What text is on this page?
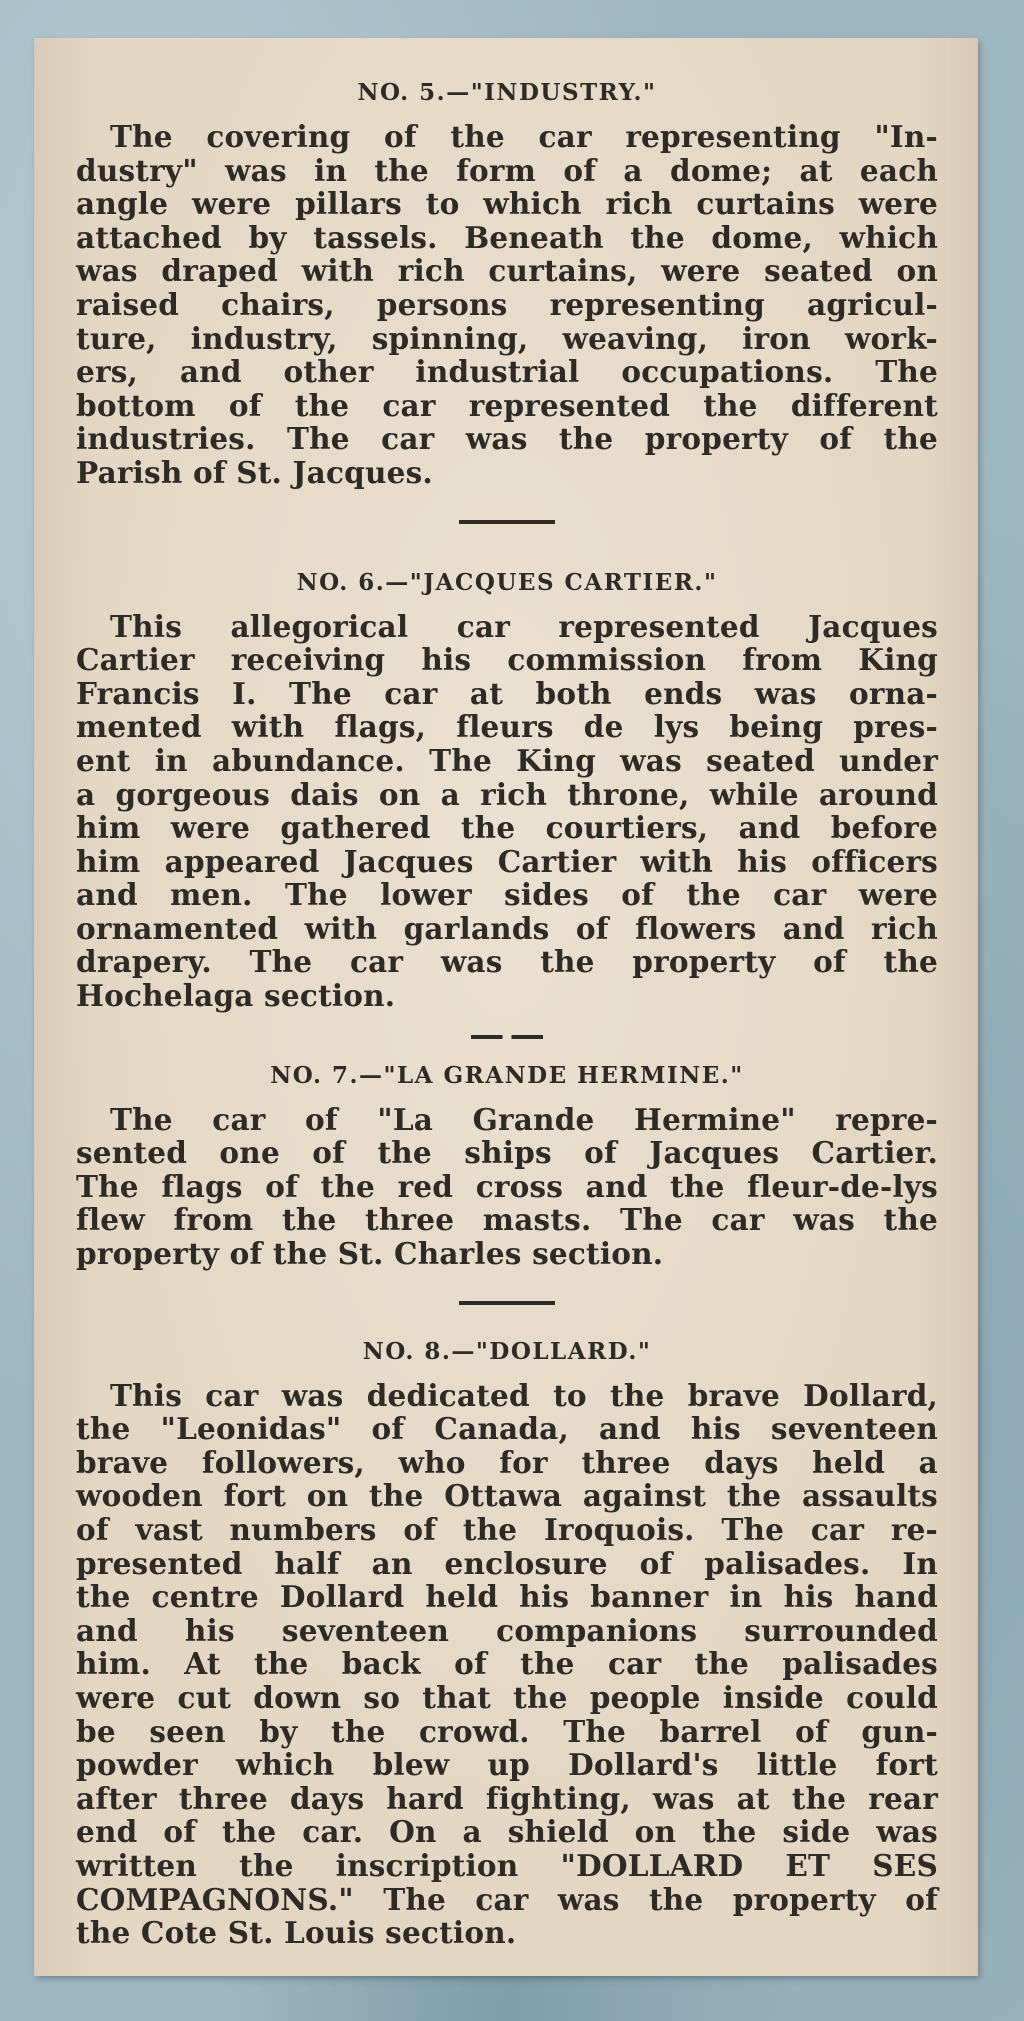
NO. 5.—"INDUSTRY."
The covering of the car representing "In-
dustry" was in the form of a dome; at each
angle were pillars to which rich curtains were
attached by tassels. Beneath the dome, which
was draped with rich curtains, were seated on
raised chairs, persons representing agricul-
ture, industry, spinning, weaving, iron work-
ers, and other industrial occupations. The
bottom of the car represented the different
industries. The car was the property of the
Parish of St. Jacques.
NO. 6.—"JACQUES CARTIER."
This allegorical car represented Jacques
Cartier receiving his commission from King
Francis I. The car at both ends was orna-
mented with flags, fleurs de lys being pres-
ent in abundance. The King was seated under
a gorgeous dais on a rich throne, while around
him were gathered the courtiers, and before
him appeared Jacques Cartier with his officers
and men. The lower sides of the car were
ornamented with garlands of flowers and rich
drapery. The car was the property of the
Hochelaga section.
NO. 7.—"LA GRANDE HERMINE."
The car of "La Grande Hermine" repre-
sented one of the ships of Jacques Cartier.
The flags of the red cross and the fleur-de-lys
flew from the three masts. The car was the
property of the St. Charles section.
NO. 8.—"DOLLARD."
This car was dedicated to the brave Dollard,
the "Leonidas" of Canada, and his seventeen
brave followers, who for three days held a
wooden fort on the Ottawa against the assaults
of vast numbers of the Iroquois. The car re-
presented half an enclosure of palisades. In
the centre Dollard held his banner in his hand
and his seventeen companions surrounded
him. At the back of the car the palisades
were cut down so that the people inside could
be seen by the crowd. The barrel of gun-
powder which blew up Dollard's little fort
after three days hard fighting, was at the rear
end of the car. On a shield on the side was
written the inscription "DOLLARD ET SES
COMPAGNONS." The car was the property of
the Cote St. Louis section.
